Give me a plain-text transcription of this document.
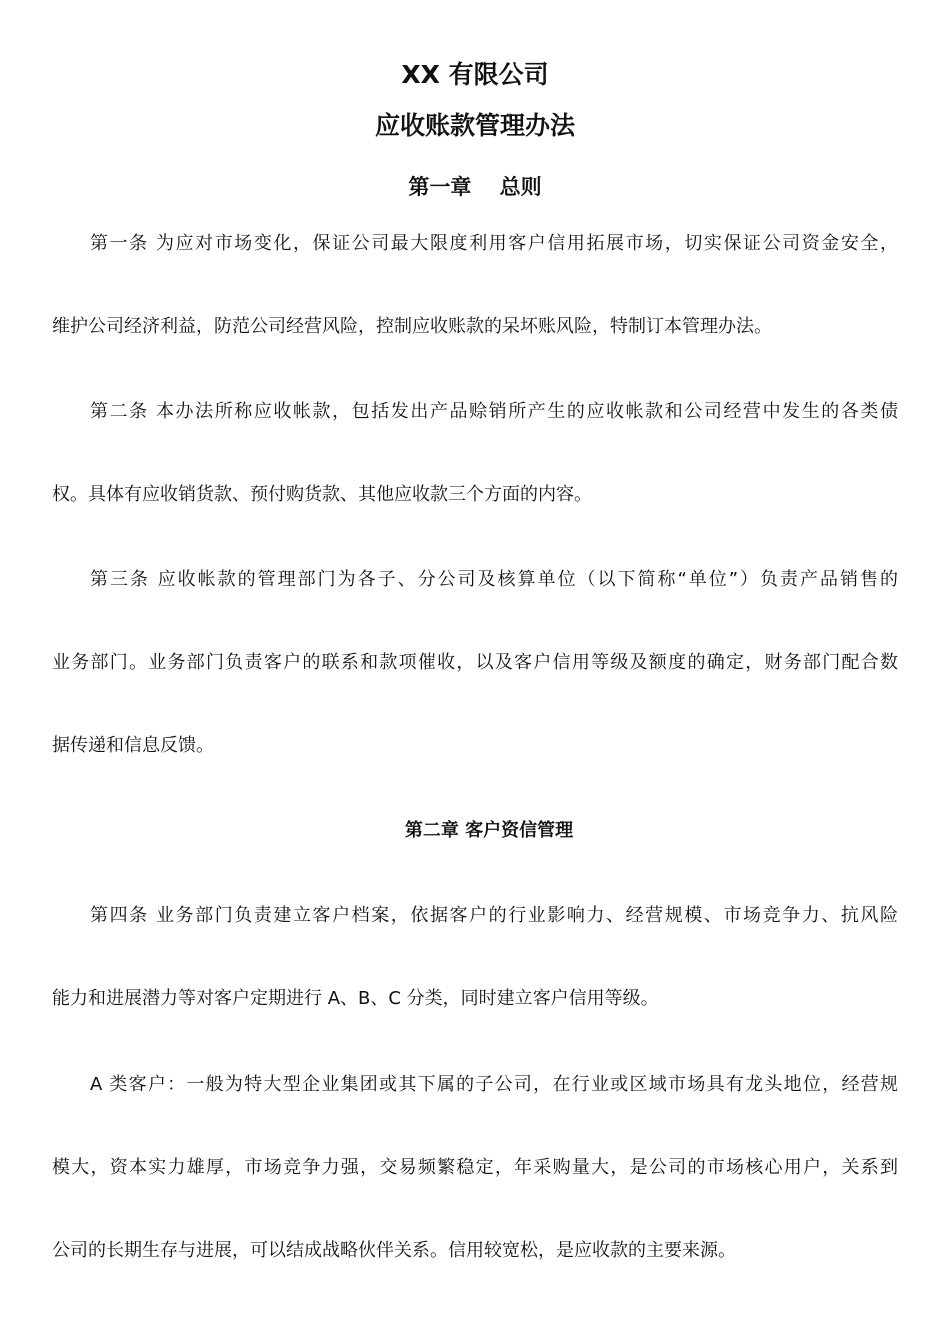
XX 有限公司
应收账款管理办法
第一章　 总则
第一条 为应对市场变化，保证公司最大限度利用客户信用拓展市场，切实保证公司资金安全，
维护公司经济利益，防范公司经营风险，控制应收账款的呆坏账风险，特制订本管理办法。
第二条 本办法所称应收帐款，包括发出产品赊销所产生的应收帐款和公司经营中发生的各类债
权。具体有应收销货款、预付购货款、其他应收款三个方面的内容。
第三条 应收帐款的管理部门为各子、分公司及核算单位（以下简称“单位”）负责产品销售的
业务部门。业务部门负责客户的联系和款项催收，以及客户信用等级及额度的确定，财务部门配合数
据传递和信息反馈。
第二章 客户资信管理
第四条 业务部门负责建立客户档案，依据客户的行业影响力、经营规模、市场竞争力、抗风险
能力和进展潜力等对客户定期进行 A、B、C 分类，同时建立客户信用等级。
A 类客户：一般为特大型企业集团或其下属的子公司，在行业或区域市场具有龙头地位，经营规
模大，资本实力雄厚，市场竞争力强，交易频繁稳定，年采购量大，是公司的市场核心用户，关系到
公司的长期生存与进展，可以结成战略伙伴关系。信用较宽松，是应收款的主要来源。
